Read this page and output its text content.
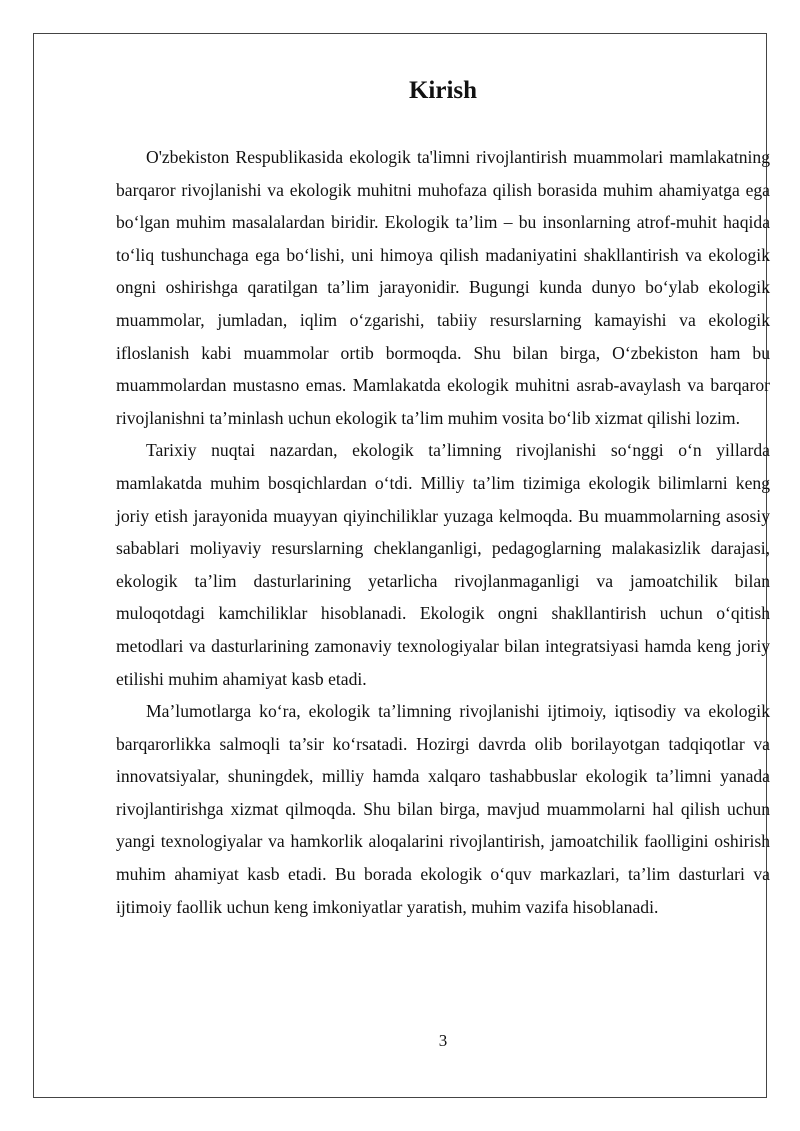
Kirish

O'zbekiston Respublikasida ekologik ta'limni rivojlantirish muammolari mamlakatning barqaror rivojlanishi va ekologik muhitni muhofaza qilish borasida muhim ahamiyatga ega bo‘lgan muhim masalalardan biridir. Ekologik ta’lim – bu insonlarning atrof-muhit haqida to‘liq tushunchaga ega bo‘lishi, uni himoya qilish madaniyatini shakllantirish va ekologik ongni oshirishga qaratilgan ta’lim jarayonidir. Bugungi kunda dunyo bo‘ylab ekologik muammolar, jumladan, iqlim o‘zgarishi, tabiiy resurslarning kamayishi va ekologik ifloslanish kabi muammolar ortib bormoqda. Shu bilan birga, O‘zbekiston ham bu muammolardan mustasno emas. Mamlakatda ekologik muhitni asrab-avaylash va barqaror rivojlanishni ta’minlash uchun ekologik ta’lim muhim vosita bo‘lib xizmat qilishi lozim.

Tarixiy nuqtai nazardan, ekologik ta’limning rivojlanishi so‘nggi o‘n yillarda mamlakatda muhim bosqichlardan o‘tdi. Milliy ta’lim tizimiga ekologik bilimlarni keng joriy etish jarayonida muayyan qiyinchiliklar yuzaga kelmoqda. Bu muammolarning asosiy sabablari moliyaviy resurslarning cheklanganligi, pedagoglarning malakasizlik darajasi, ekologik ta’lim dasturlarining yetarlicha rivojlanmaganligi va jamoatchilik bilan muloqotdagi kamchiliklar hisoblanadi. Ekologik ongni shakllantirish uchun o‘qitish metodlari va dasturlarining zamonaviy texnologiyalar bilan integratsiyasi hamda keng joriy etilishi muhim ahamiyat kasb etadi.

Ma’lumotlarga ko‘ra, ekologik ta’limning rivojlanishi ijtimoiy, iqtisodiy va ekologik barqarorlikka salmoqli ta’sir ko‘rsatadi. Hozirgi davrda olib borilayotgan tadqiqotlar va innovatsiyalar, shuningdek, milliy hamda xalqaro tashabbuslar ekologik ta’limni yanada rivojlantirishga xizmat qilmoqda. Shu bilan birga, mavjud muammolarni hal qilish uchun yangi texnologiyalar va hamkorlik aloqalarini rivojlantirish, jamoatchilik faolligini oshirish muhim ahamiyat kasb etadi. Bu borada ekologik o‘quv markazlari, ta’lim dasturlari va ijtimoiy faollik uchun keng imkoniyatlar yaratish, muhim vazifa hisoblanadi.

3
